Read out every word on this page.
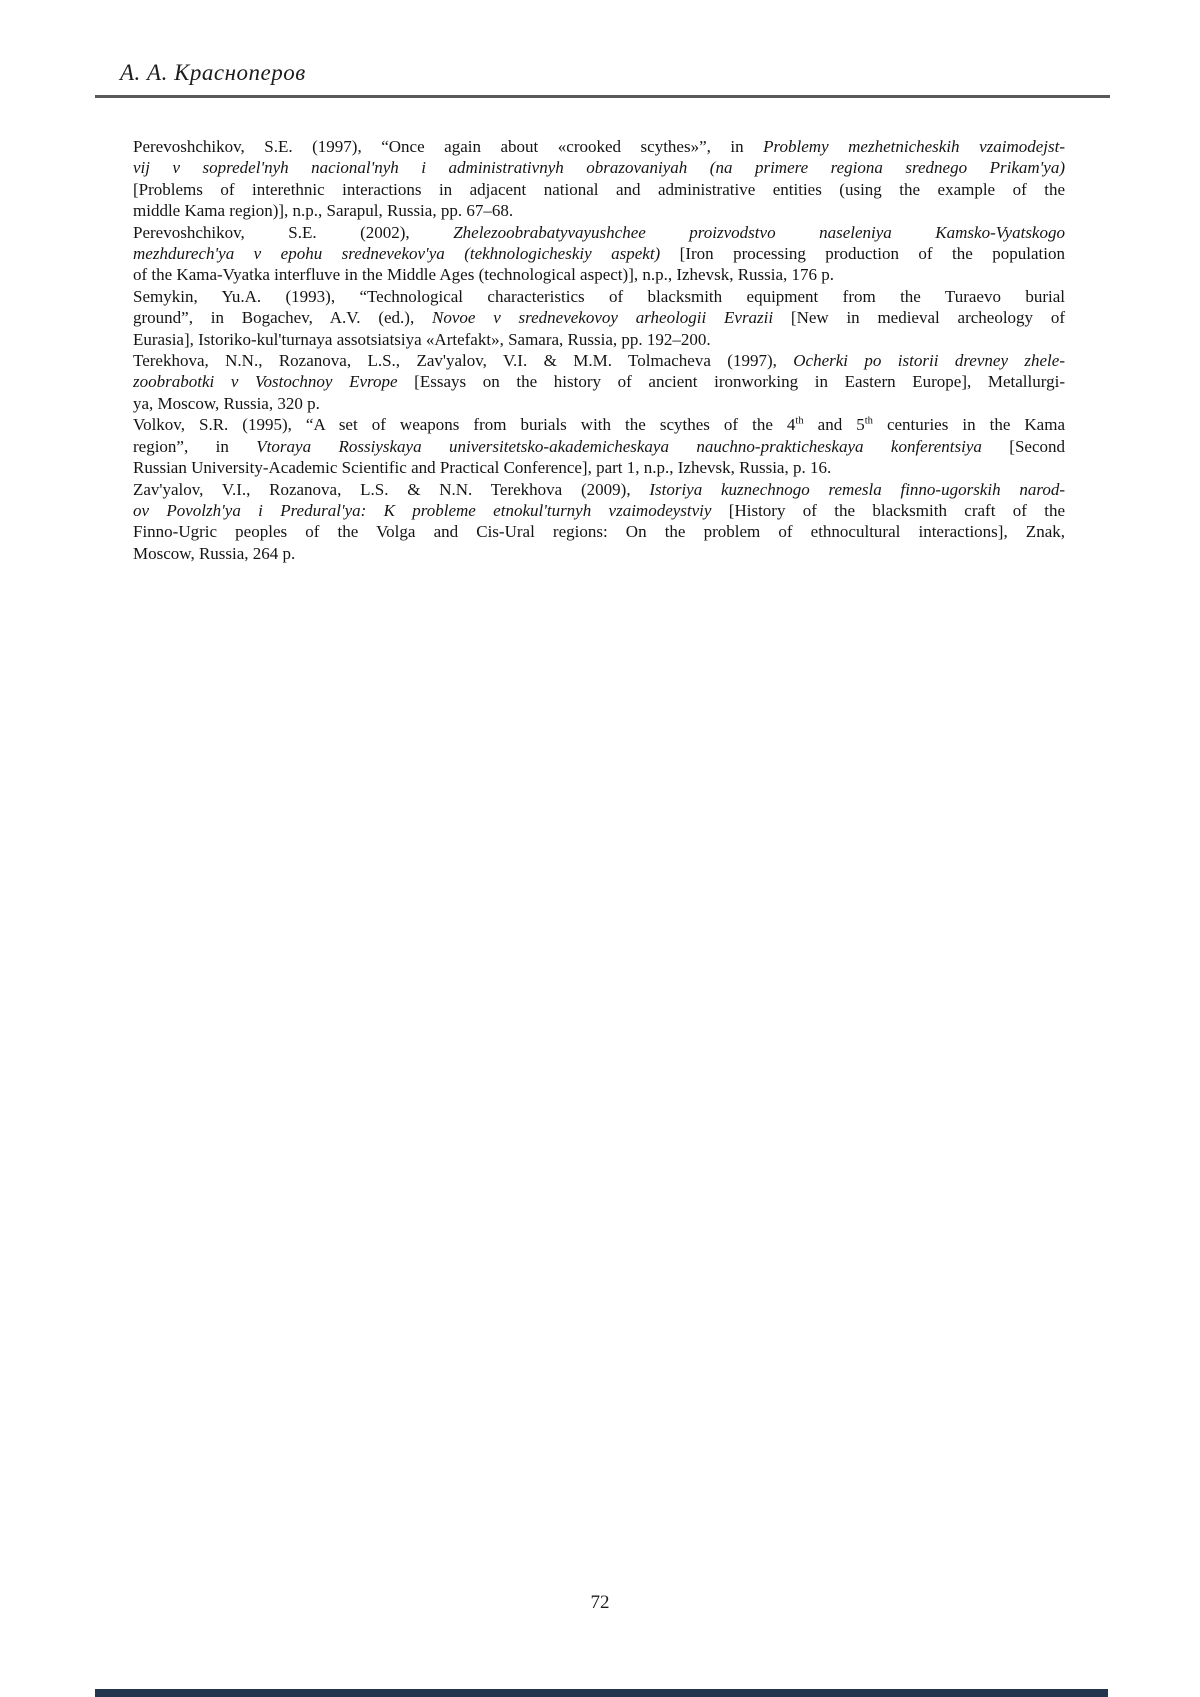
А. А. Красноперов
Perevoshchikov, S.E. (1997), “Once again about «crooked scythes»”, in Problemy mezhetnicheskih vzaimodejst-
vij v sopredel'nyh nacional'nyh i administrativnyh obrazovaniyah (na primere regiona srednego Prikam'ya)
[Problems of interethnic interactions in adjacent national and administrative entities (using the example of the
middle Kama region)], n.p., Sarapul, Russia, pp. 67–68.
Perevoshchikov, S.E. (2002), Zhelezoobrabatyvayushchee proizvodstvo naseleniya Kamsko-Vyatskogo
mezhdurech'ya v epohu srednevekov'ya (tekhnologicheskiy aspekt) [Iron processing production of the population
of the Kama-Vyatka interfluve in the Middle Ages (technological aspect)], n.p., Izhevsk, Russia, 176 p.
Semykin, Yu.A. (1993), “Technological characteristics of blacksmith equipment from the Turaevo burial
ground”, in Bogachev, A.V. (ed.), Novoe v srednevekovoy arheologii Evrazii [New in medieval archeology of
Eurasia], Istoriko-kul'turnaya assotsiatsiya «Artefakt», Samara, Russia, pp. 192–200.
Terekhova, N.N., Rozanova, L.S., Zav'yalov, V.I. & M.M. Tolmacheva (1997), Ocherki po istorii drevney zhele-
zoobrabotki v Vostochnoy Evrope [Essays on the history of ancient ironworking in Eastern Europe], Metallurgi-
ya, Moscow, Russia, 320 p.
Volkov, S.R. (1995), “A set of weapons from burials with the scythes of the 4th and 5th centuries in the Kama
region”, in Vtoraya Rossiyskaya universitetsko-akademicheskaya nauchno-prakticheskaya konferentsiya [Second
Russian University-Academic Scientific and Practical Conference], part 1, n.p., Izhevsk, Russia, p. 16.
Zav'yalov, V.I., Rozanova, L.S. & N.N. Terekhova (2009), Istoriya kuznechnogo remesla finno-ugorskih narod-
ov Povolzh'ya i Predural'ya: K probleme etnokul'turnyh vzaimodeystviy [History of the blacksmith craft of the
Finno-Ugric peoples of the Volga and Cis-Ural regions: On the problem of ethnocultural interactions], Znak,
Moscow, Russia, 264 p.
72
